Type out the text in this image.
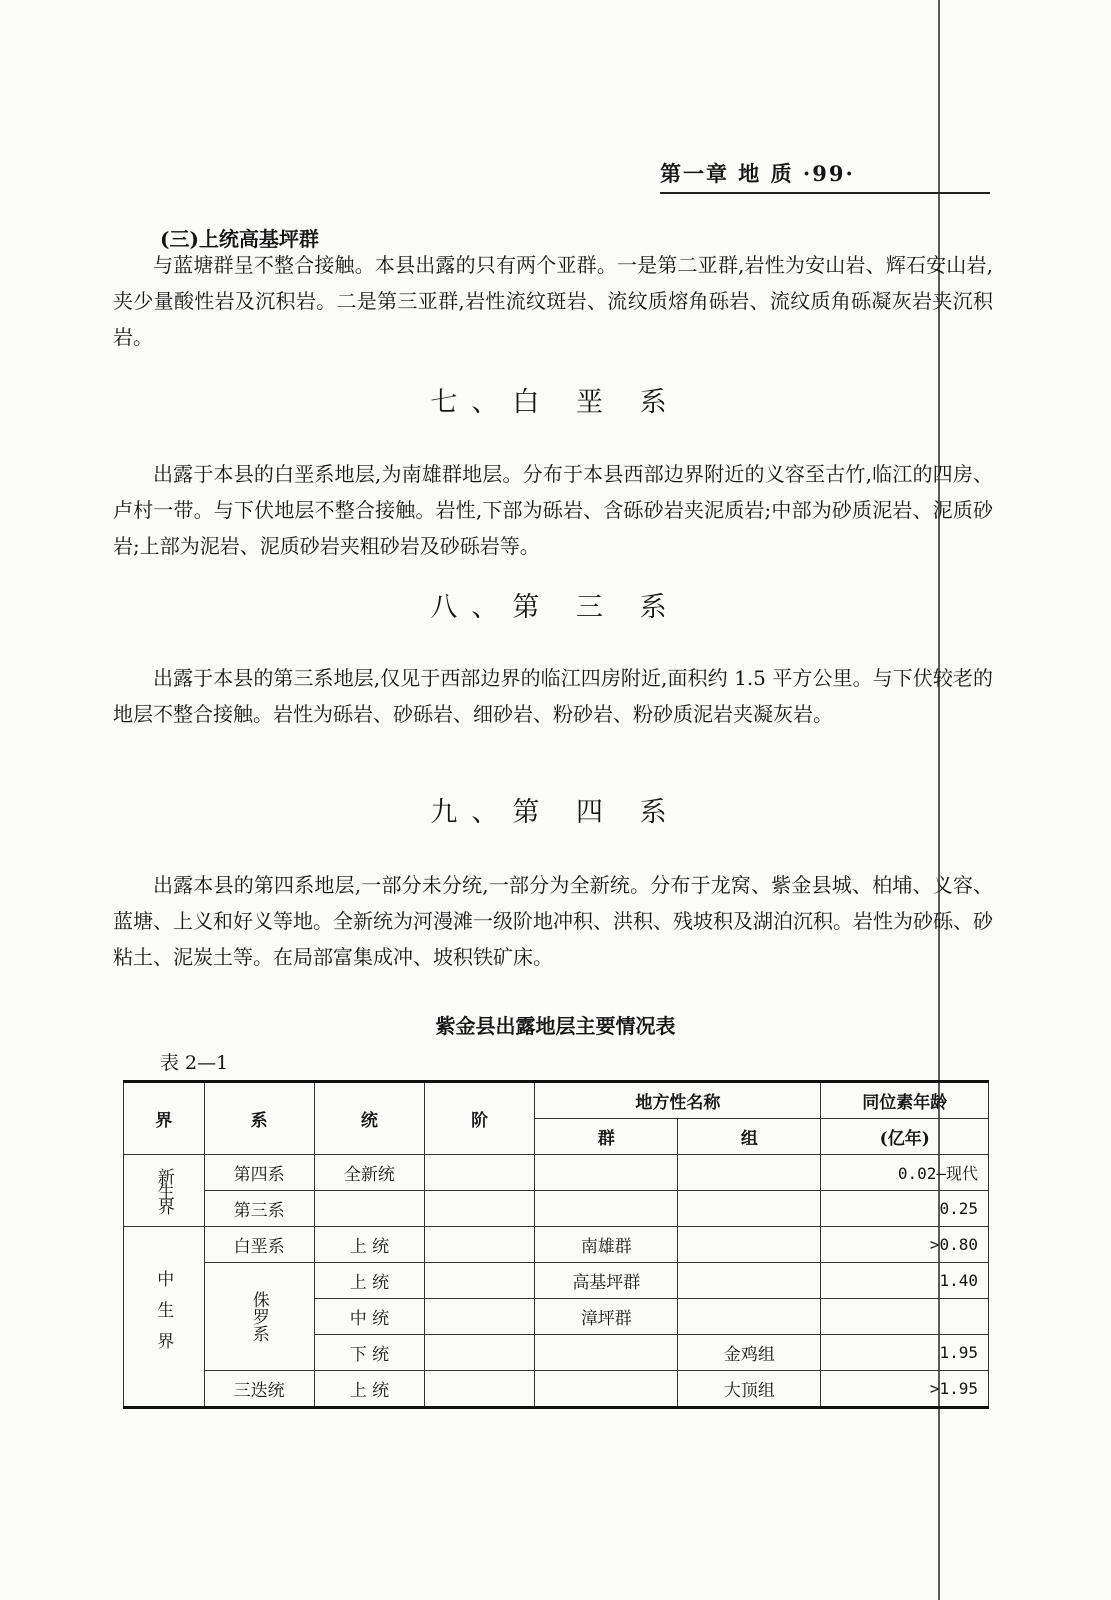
第一章 地 质 ·99·
(三)上统高基坪群

与蓝塘群呈不整合接触。本县出露的只有两个亚群。一是第二亚群,岩性为安山岩、辉石安山岩,夹少量酸性岩及沉积岩。二是第三亚群,岩性流纹斑岩、流纹质熔角砾岩、流纹质角砾凝灰岩夹沉积岩。

七、白 垩 系

出露于本县的白垩系地层,为南雄群地层。分布于本县西部边界附近的义容至古竹,临江的四房、卢村一带。与下伏地层不整合接触。岩性,下部为砾岩、含砾砂岩夹泥质岩;中部为砂质泥岩、泥质砂岩;上部为泥岩、泥质砂岩夹粗砂岩及砂砾岩等。

八、第 三 系

出露于本县的第三系地层,仅见于西部边界的临江四房附近,面积约 1.5 平方公里。与下伏较老的地层不整合接触。岩性为砾岩、砂砾岩、细砂岩、粉砂岩、粉砂质泥岩夹凝灰岩。

九、第 四 系

出露本县的第四系地层,一部分未分统,一部分为全新统。分布于龙窝、紫金县城、柏埔、义容、蓝塘、上义和好义等地。全新统为河漫滩一级阶地冲积、洪积、残坡积及湖泊沉积。岩性为砂砾、砂粘土、泥炭土等。在局部富集成冲、坡积铁矿床。

紫金县出露地层主要情况表
表 2—1
界	系	统	阶	地方性名称		同位素年龄
				群	组	(亿年)
新生界	第四系	全新统				0.02—现代
	第三系					0.25
中生界	白垩系	上 统		南雄群		>0.80
	侏罗系	上 统		高基坪群		1.40
		中 统		漳坪群		
		下 统			金鸡组	1.95
	三迭统	上 统			大顶组	>1.95
